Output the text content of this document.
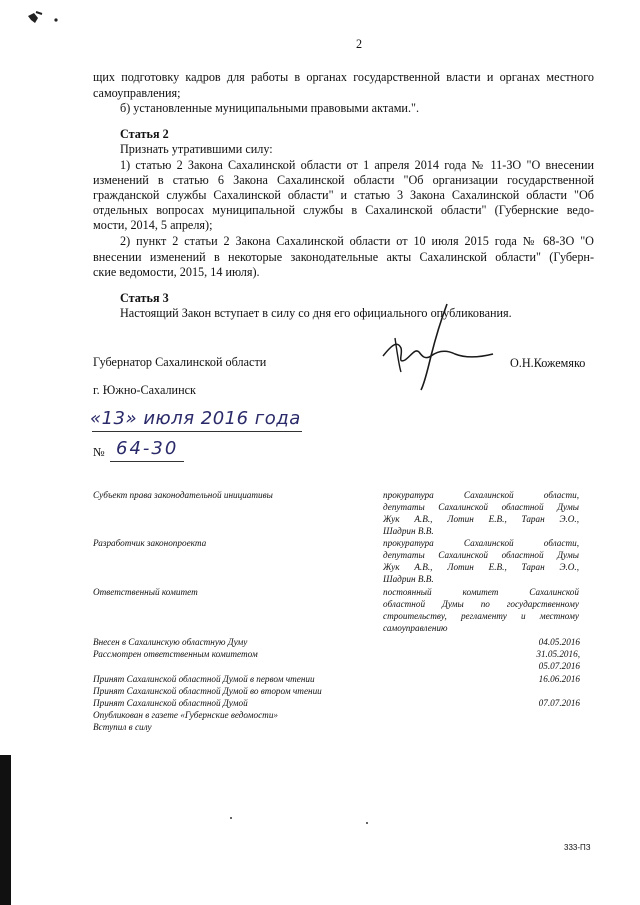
2
щих подготовку кадров для работы в органах государственной власти и органах местного
самоуправления;
б) установленные муниципальными правовыми актами.".
Статья 2
Признать утратившими силу:
1) статью 2 Закона Сахалинской области от 1 апреля 2014 года № 11-ЗО "О внесении
изменений в статью 6 Закона Сахалинской области "Об организации государственной
гражданской службы Сахалинской области" и статью 3 Закона Сахалинской области "Об
отдельных вопросах муниципальной службы в Сахалинской области" (Губернские ведо-
мости, 2014, 5 апреля);
2) пункт 2 статьи 2 Закона Сахалинской области от 10 июля 2015 года № 68-ЗО "О
внесении изменений в некоторые законодательные акты Сахалинской области" (Губерн-
ские ведомости, 2015, 14 июля).
Статья 3
Настоящий Закон вступает в силу со дня его официального опубликования.
Губернатор Сахалинской области	О.Н.Кожемяко
г. Южно-Сахалинск
«13» июля 2016 года
№ 64-30
Субъект права законодательной инициативы	прокуратура Сахалинской области,
депутаты Сахалинской областной Думы
Жук А.В., Лотин Е.В., Таран Э.О.,
Шадрин В.В.
Разработчик законопроекта	прокуратура Сахалинской области,
депутаты Сахалинской областной Думы
Жук А.В., Лотин Е.В., Таран Э.О.,
Шадрин В.В.
Ответственный комитет	постоянный комитет Сахалинской
областной Думы по государственному
строительству, регламенту и местному
самоуправлению
Внесен в Сахалинскую областную Думу	04.05.2016
Рассмотрен ответственным комитетом	31.05.2016,
05.07.2016
Принят Сахалинской областной Думой в первом чтении	16.06.2016
Принят Сахалинской областной Думой во втором чтении
Принят Сахалинской областной Думой	07.07.2016
Опубликован в газете «Губернские ведомости»
Вступил в силу
333-ПЗ
